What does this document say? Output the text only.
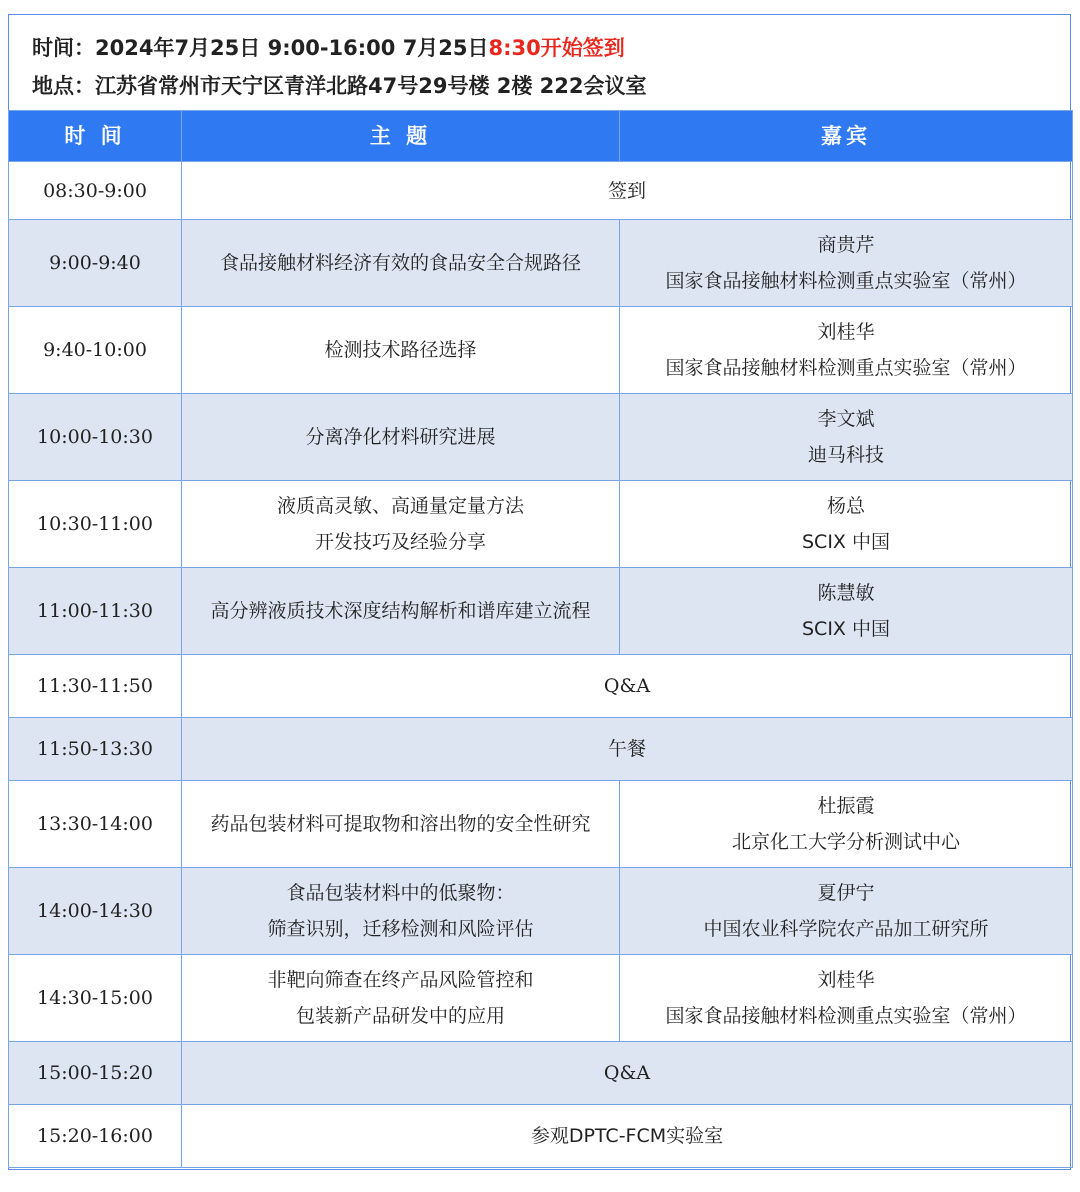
时间：2024年7月25日 9:00-16:00 7月25日8:30开始签到
地点：江苏省常州市天宁区青洋北路47号29号楼 2楼 222会议室
时 间	主 题	嘉宾
08:30-9:00	签到	
9:00-9:40	食品接触材料经济有效的食品安全合规路径	商贵芹
国家食品接触材料检测重点实验室（常州）

9:40-10:00	检测技术路径选择	刘桂华
国家食品接触材料检测重点实验室（常州）

10:00-10:30	分离净化材料研究进展	李文斌
迪马科技

10:30-11:00	液质高灵敏、高通量定量方法
开发技巧及经验分享	杨总
SCIX 中国

11:00-11:30	高分辨液质技术深度结构解析和谱库建立流程	陈慧敏
SCIX 中国

11:30-11:50	Q&A	
11:50-13:30	午餐	
13:30-14:00	药品包装材料可提取物和溶出物的安全性研究	杜振霞
北京化工大学分析测试中心

14:00-14:30	食品包装材料中的低聚物：
筛查识别，迁移检测和风险评估	夏伊宁
中国农业科学院农产品加工研究所

14:30-15:00	非靶向筛查在终产品风险管控和
包装新产品研发中的应用	刘桂华
国家食品接触材料检测重点实验室（常州）

15:00-15:20	Q&A	
15:20-16:00	参观DPTC-FCM实验室	
